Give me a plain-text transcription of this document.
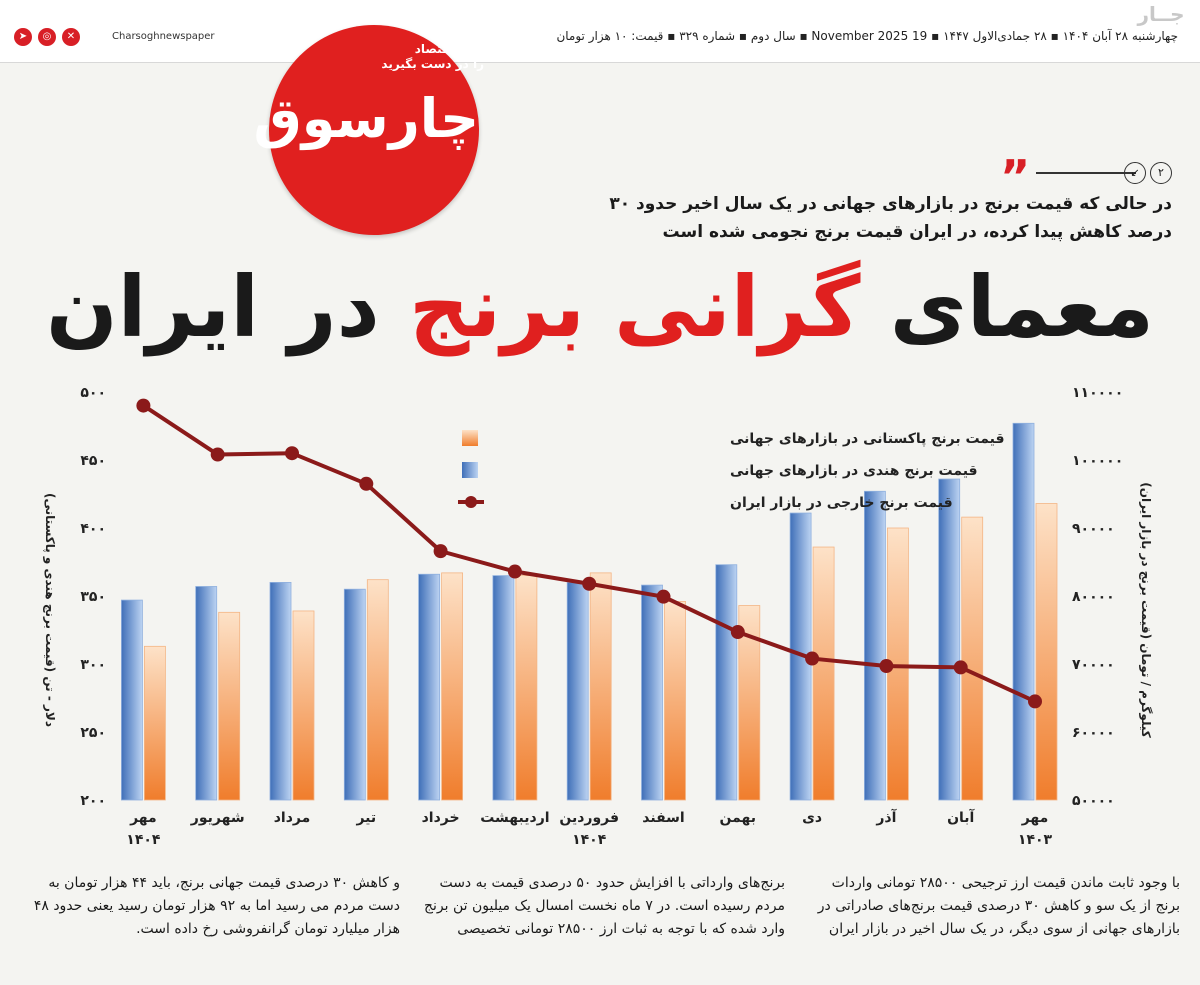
➤	◎	✕	Charsoghnewspaper	چهارشنبه ۲۸ آبان ۱۴۰۴ ▪ ۲۸ جمادی‌الاول ۱۴۴۷ ▪ 19 November 2025 ▪ سال دوم ▪ شماره ۳۲۹ ▪ قیمت: ۱۰ هزار تومان
جــار
چارسوق
نبض اقتصاد
را در دست بگیرید
”	↙	۲
در حالی که قیمت برنج در بازارهای جهانی در یک سال اخیر حدود ۳۰ درصد کاهش پیدا کرده، در ایران قیمت برنج نجومی شده است
معمای گرانی برنج در ایران
۵۰۰
۴۵۰
۴۰۰
۳۵۰
۳۰۰
۲۵۰
۲۰۰
۱۱۰۰۰۰
۱۰۰۰۰۰
۹۰۰۰۰
۸۰۰۰۰
۷۰۰۰۰
۶۰۰۰۰
۵۰۰۰۰
دلار - تن (قیمت برنج هندی و پاکستانی)	کیلوگرم / تومان (قیمت برنج در بازار ایران)
مهر
۱۴۰۳
آبان
آذر
دی
بهمن
اسفند
فروردین
۱۴۰۴
اردیبهشت
خرداد
تیر
مرداد
شهریور
مهر
۱۴۰۴
قیمت برنج پاکستانی در بازارهای جهانی
قیمت برنج هندی در بازارهای جهانی
قیمت برنج خارجی در بازار ایران
با وجود ثابت ماندن قیمت ارز ترجیحی ۲۸۵۰۰ تومانی واردات برنج از یک سو و کاهش ۳۰ درصدی قیمت برنج‌های صادراتی در بازارهای جهانی از سوی دیگر، در یک سال اخیر در بازار ایران
برنج‌های وارداتی با افزایش حدود ۵۰ درصدی قیمت به دست مردم رسیده است. در ۷ ماه نخست امسال یک میلیون تن برنج وارد شده که با توجه به ثبات ارز ۲۸۵۰۰ تومانی تخصیصی
و کاهش ۳۰ درصدی قیمت جهانی برنج، باید ۴۴ هزار تومان به دست مردم می رسید اما به ۹۲ هزار تومان رسید یعنی حدود ۴۸ هزار میلیارد تومان گرانفروشی رخ داده است.
